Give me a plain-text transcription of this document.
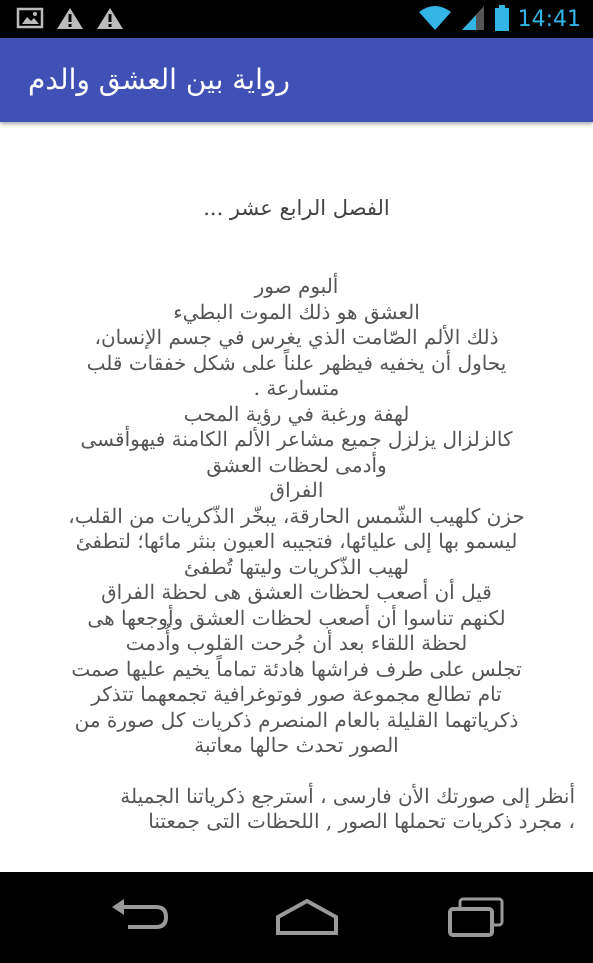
14:41
رواية بين العشق والدم
الفصل الرابع عشر ...
ألبوم صور
العشق هو ذلك الموت البطيء
ذلك الألم الصّامت الذي يغرس في جسم الإنسان،
يحاول أن يخفيه فيظهر علناً على شكل خفقات قلب
متسارعة .
لهفة ورغبة في رؤية المحب
كالزلزال يزلزل جميع مشاعر الألم الكامنة فيهوأقسى
وأدمى لحظات العشق
الفراق
حزن كلهيب الشّمس الحارقة، يبخّر الذّكريات من القلب،
ليسمو بها إلى عليائها، فتجيبه العيون بنثر مائها؛ لتطفئ
لهيب الذّكريات وليتها تُطفئ
قيل أن أصعب لحظات العشق هى لحظة الفراق
لكنهم تناسوا أن أصعب لحظات العشق وأوجعها هى
لحظة اللقاء بعد أن جُرحت القلوب وأُدمت
تجلس على طرف فراشها هادئة تماماً يخيم عليها صمت
تام تطالع مجموعة صور فوتوغرافية تجمعهما تتذكر
ذكرياتهما القليلة بالعام المنصرم ذكريات كل صورة من
الصور تحدث حالها معاتبة
أنظر إلى صورتك الأن فارسى ، أسترجع ذكرياتنا الجميلة
، مجرد ذكريات تحملها الصور , اللحظات التى جمعتنا
